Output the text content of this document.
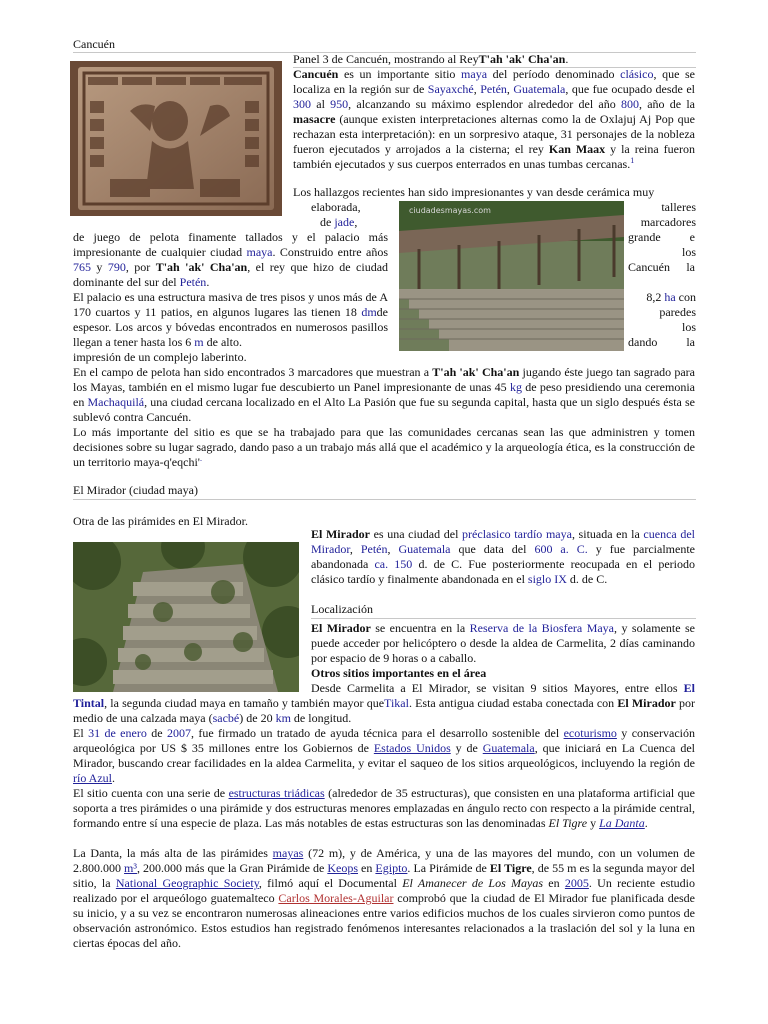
Cancuén
Panel 3 de Cancuén, mostrando al ReyT'ah 'ak' Cha'an.
Cancuén es un importante sitio maya del período denominado clásico, que se localiza en la región sur de Sayaxché, Petén, Guatemala, que fue ocupado desde el 300 al 950, alcanzando su máximo esplendor alrededor del año 800, año de la masacre (aunque existen interpretaciones alternas como la de Oxlajuj Aj Pop que rechazan esta interpretación): en un sorpresivo ataque, 31 personajes de la nobleza fueron ejecutados y arrojados a la cisterna; el rey Kan Maax y la reina fueron también ejecutados y sus cuerpos enterrados en unas tumbas cercanas.$^1$
Los hallazgos recientes han sido impresionantes y van desde cerámica muy
elaborada,
de jade,
talleres
marcadores
grande e
los
Cancuén la
ciudadesmayas.com
de juego de pelota finamente tallados y el palacio más impresionante de cualquier ciudad maya. Construido entre años 765 y 790, por T'ah 'ak' Cha'an, el rey que hizo de ciudad dominante del sur del Petén.
El palacio es una estructura masiva de tres pisos y unos más de A 170 cuartos y 11 patios, en algunos lugares las tienen 18 dmde espesor. Los arcos y bóvedas encontrados en numerosos pasillos llegan a tener hasta los 6 m de alto.
8,2 ha con
paredes
los
dando la
impresión de un complejo laberinto.
En el campo de pelota han sido encontrados 3 marcadores que muestran a T'ah 'ak' Cha'an jugando éste juego tan sagrado para los Mayas, también en el mismo lugar fue descubierto un Panel impresionante de unas 45 kg de peso presidiendo una ceremonia en Machaquilá, una ciudad cercana localizado en el Alto La Pasión que fue su segunda capital, hasta que un siglo después ésta se sublevó contra Cancuén.
Lo más importante del sitio es que se ha trabajado para que las comunidades cercanas sean las que administren y tomen decisiones sobre su lugar sagrado, dando paso a un trabajo más allá que el académico y la arqueología ética, es la construcción de un territorio maya-q'eqchi'.
El Mirador (ciudad maya)
Otra de las pirámides en El Mirador.
El Mirador es una ciudad del préclasico tardío maya, situada en la cuenca del Mirador, Petén, Guatemala que data del 600 a. C. y fue parcialmente abandonada ca. 150 d. de C. Fue posteriormente reocupada en el periodo clásico tardío y finalmente abandonada en el siglo IX d. de C.
Localización
El Mirador se encuentra en la Reserva de la Biosfera Maya, y solamente se puede acceder por helicóptero o desde la aldea de Carmelita, 2 días caminando por espacio de 9 horas o a caballo.
Otros sitios importantes en el área
Desde Carmelita a El Mirador, se visitan 9 sitios Mayores, entre ellos El Tintal, la segunda ciudad maya en tamaño y también mayor queTikal. Esta antigua ciudad estaba conectada con El Mirador por medio de una calzada maya (sacbé) de 20 km de longitud.
El 31 de enero de 2007, fue firmado un tratado de ayuda técnica para el desarrollo sostenible del ecoturismo y conservación arqueológica por US $ 35 millones entre los Gobiernos de Estados Unidos y de Guatemala, que iniciará en La Cuenca del Mirador, buscando crear facilidades en la aldea Carmelita, y evitar el saqueo de los sitios arqueológicos, incluyendo la región de río Azul.
El sitio cuenta con una serie de estructuras triádicas (alrededor de 35 estructuras), que consisten en una plataforma artificial que soporta a tres pirámides o una pirámide y dos estructuras menores emplazadas en ángulo recto con respecto a la pirámide central, formando entre sí una especie de plaza. Las más notables de estas estructuras son las denominadas El Tigre y La Danta.
La Danta, la más alta de las pirámides mayas (72 m), y de América, y una de las mayores del mundo, con un volumen de 2.800.000 m³, 200.000 más que la Gran Pirámide de Keops en Egipto. La Pirámide de El Tigre, de 55 m es la segunda mayor del sitio, la National Geographic Society, filmó aquí el Documental El Amanecer de Los Mayas en 2005. Un reciente estudio realizado por el arqueólogo guatemalteco Carlos Morales-Aguilar comprobó que la ciudad de El Mirador fue planificada desde su inicio, y a su vez se encontraron numerosas alineaciones entre varios edificios muchos de los cuales sirvieron como puntos de observación astronómico. Estos estudios han registrado fenómenos interesantes relacionados a la traslación del sol y la luna en ciertas épocas del año.
